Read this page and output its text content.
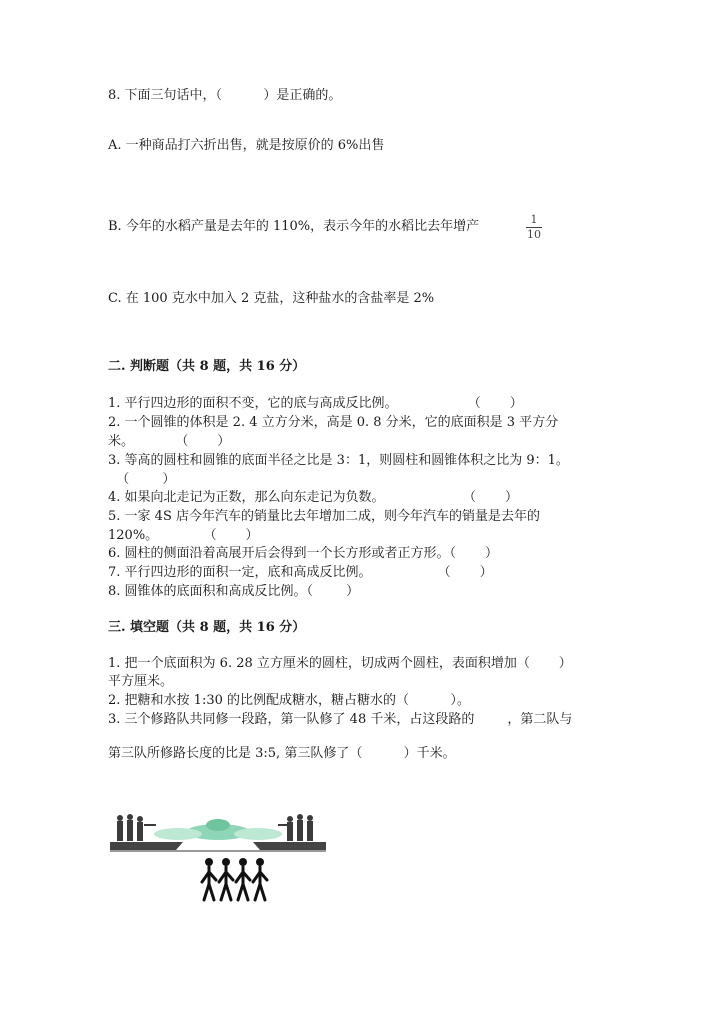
8. 下面三句话中，（          ）是正确的。
A. 一种商品打六折出售，就是按原价的 6%出售
B. 今年的水稻产量是去年的 110%，表示今年的水稻比去年增产	1
10
C. 在 100 克水中加入 2 克盐，这种盐水的含盐率是 2%
二. 判断题（共 8 题，共 16 分）
1. 平行四边形的面积不变，它的底与高成反比例。                 （       ）
2. 一个圆锥的体积是 2. 4 立方分米，高是 0. 8 分米，它的底面积是 3 平方分
米。          （       ）
3. 等高的圆柱和圆锥的底面半径之比是 3：1，则圆柱和圆锥体积之比为 9：1。
（        ）
4. 如果向北走记为正数，那么向东走记为负数。                   （       ）
5. 一家 4S 店今年汽车的销量比去年增加二成，则今年汽车的销量是去年的
120%。           （       ）
6. 圆柱的侧面沿着高展开后会得到一个长方形或者正方形。（       ）
7. 平行四边形的面积一定，底和高成反比例。                （       ）
8. 圆锥体的底面积和高成反比例。（        ）
三. 填空题（共 8 题，共 16 分）
1. 把一个底面积为 6. 28 立方厘米的圆柱，切成两个圆柱，表面积增加（       ）
平方厘米。
2. 把糖和水按 1:30 的比例配成糖水，糖占糖水的（          ）。
3. 三个修路队共同修一段路，第一队修了 48 千米，占这段路的        ，第二队与
第三队所修路长度的比是 3:5, 第三队修了（          ）千米。
